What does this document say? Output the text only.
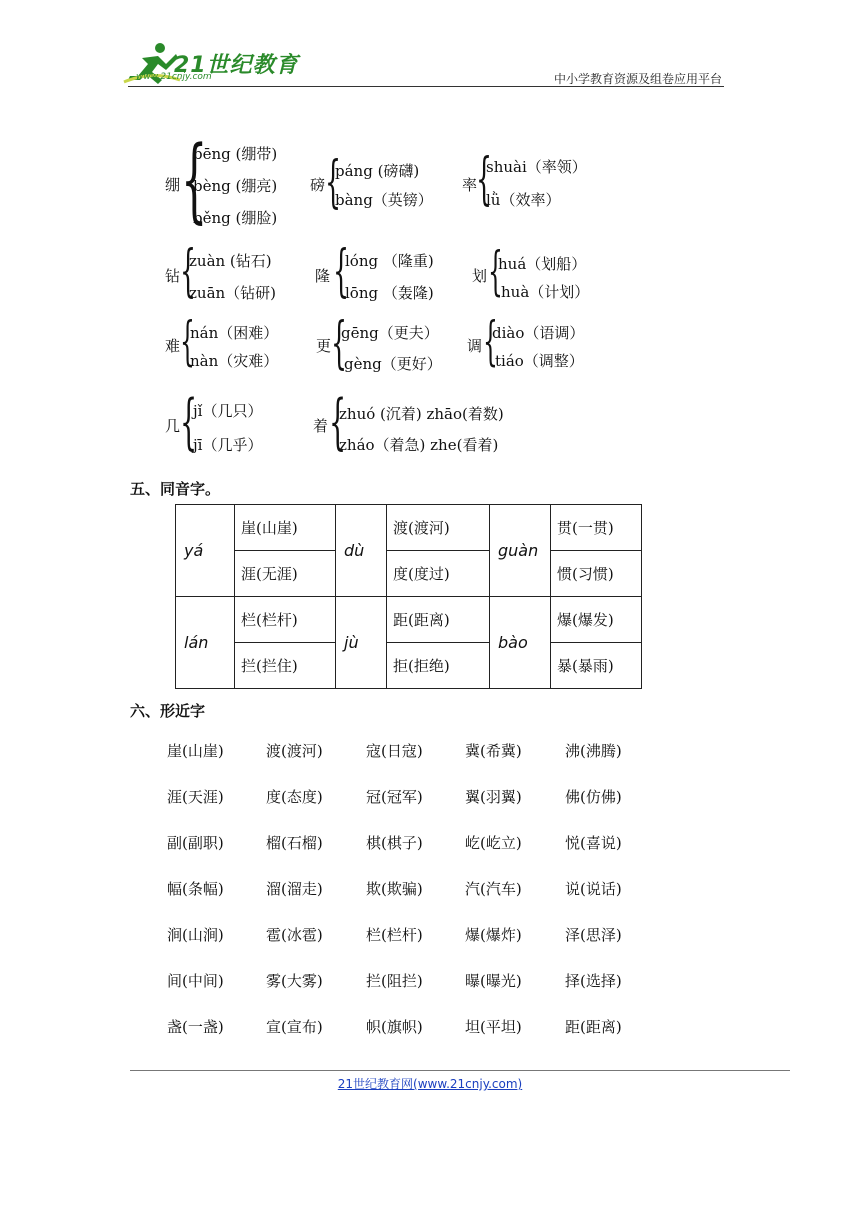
21世纪教育
www.21cnjy.com	中小学教育资源及组卷应用平台
绷 {
bēng (绷带)
bèng (绷亮)
běng (绷脸)
磅 {
páng (磅礴)
bàng（英镑）
率
{
shuài（率领）
lǜ（效率）
钻 {
zuàn (钻石)
zuān（钻研)
隆 {
lóng （隆重)
lōng （轰隆)
划 {
huá（划船）
huà（计划）
难 {
nán（困难）
nàn（灾难）
更 {
gēng（更夫）
gèng（更好）
调 {
diào（语调）
tiáo（调整）
几 {
jǐ（几只）
jī（几乎）
着 {
zhuó (沉着) zhāo(着数)
zháo（着急) zhe(看着)
五、同音字。
yá	崖(山崖)	dù	渡(渡河)	guàn	贯(一贯)
	涯(无涯)		度(度过)		惯(习惯)
lán	栏(栏杆)	jù	距(距离)	bào	爆(爆发)
	拦(拦住)		拒(拒绝)		暴(暴雨)
六、形近字
崖(山崖)	渡(渡河)	寇(日寇)	冀(希冀)	沸(沸腾)
涯(天涯)	度(态度)	冠(冠军)	翼(羽翼)	佛(仿佛)
副(副职)	榴(石榴)	棋(棋子)	屹(屹立)	悦(喜说)
幅(条幅)	溜(溜走)	欺(欺骗)	汽(汽车)	说(说话)
涧(山涧)	雹(冰雹)	栏(栏杆)	爆(爆炸)	泽(思泽)
间(中间)	雾(大雾)	拦(阻拦)	曝(曝光)	择(选择)
盏(一盏)	宣(宣布)	帜(旗帜)	坦(平坦)	距(距离)
21世纪教育网(www.21cnjy.com)
